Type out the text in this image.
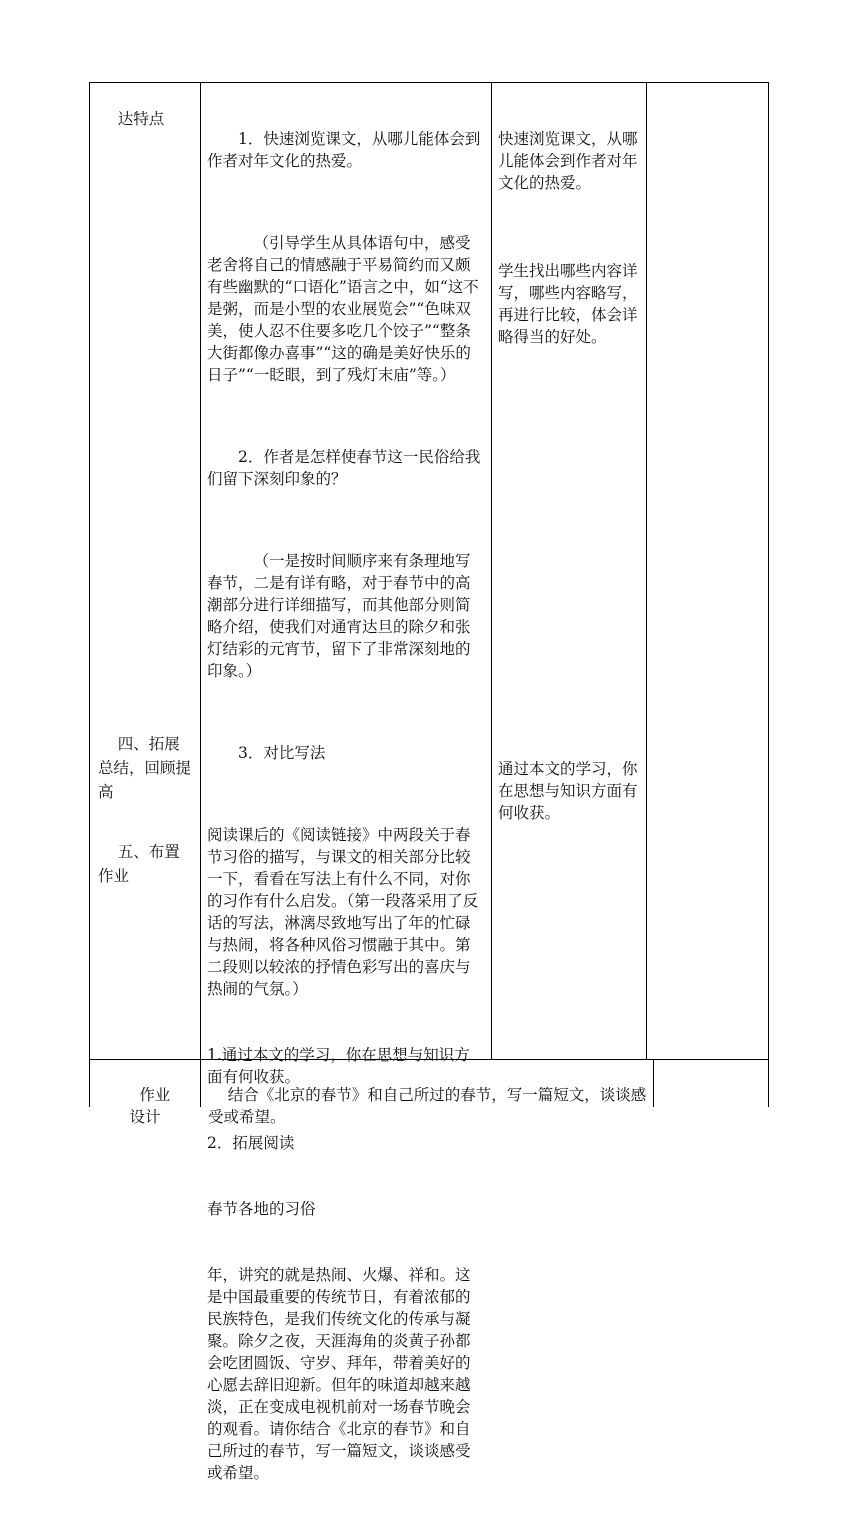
达特点

四、拓展总结，回顾提高

五、布置作业

1．快速浏览课文，从哪儿能体会到作者对年文化的热爱。

（引导学生从具体语句中，感受老舍将自己的情感融于平易简约而又颇有些幽默的“口语化”语言之中，如“这不是粥，而是小型的农业展览会”“色味双美，使人忍不住要多吃几个饺子”“整条大街都像办喜事”“这的确是美好快乐的日子”“一眨眼，到了残灯末庙”等。）

2．作者是怎样使春节这一民俗给我们留下深刻印象的？

（一是按时间顺序来有条理地写春节，二是有详有略，对于春节中的高潮部分进行详细描写，而其他部分则简略介绍，使我们对通宵达旦的除夕和张灯结彩的元宵节，留下了非常深刻地的印象。）

3．对比写法

阅读课后的《阅读链接》中两段关于春节习俗的描写，与课文的相关部分比较一下，看看在写法上有什么不同，对你的习作有什么启发。（第一段落采用了反话的写法，淋漓尽致地写出了年的忙碌与热闹，将各种风俗习惯融于其中。第二段则以较浓的抒情色彩写出的喜庆与热闹的气氛。）

1.通过本文的学习，你在思想与知识方面有何收获。

2．拓展阅读

春节各地的习俗

年，讲究的就是热闹、火爆、祥和。这是中国最重要的传统节日，有着浓郁的民族特色，是我们传统文化的传承与凝聚。除夕之夜，天涯海角的炎黄子孙都会吃团圆饭、守岁、拜年，带着美好的心愿去辞旧迎新。但年的味道却越来越淡，正在变成电视机前对一场春节晚会的观看。请你结合《北京的春节》和自己所过的春节，写一篇短文，谈谈感受或希望。

快速浏览课文，从哪儿能体会到作者对年文化的热爱。

学生找出哪些内容详写，哪些内容略写，再进行比较，体会详略得当的好处。

通过本文的学习，你在思想与知识方面有何收获。

作业
设计

结合《北京的春节》和自己所过的春节，写一篇短文，谈谈感受或希望。
